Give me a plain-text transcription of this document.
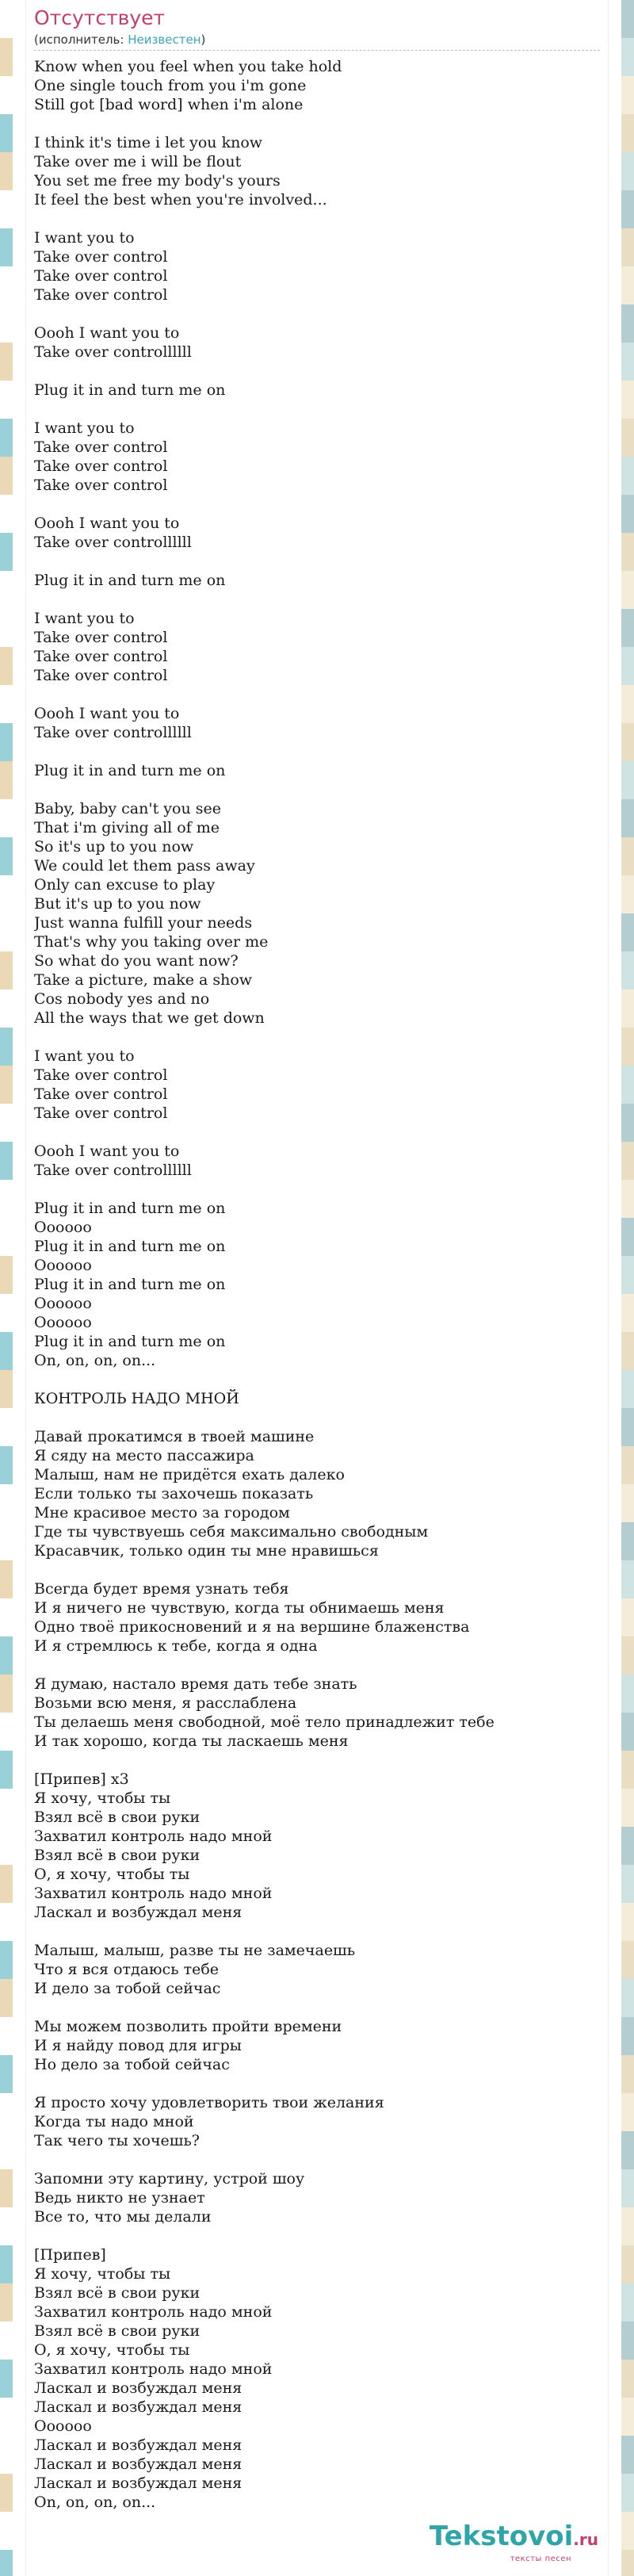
Отсутствует
(исполнитель: Неизвестен)
Know when you feel when you take hold
One single touch from you i'm gone
Still got [bad word] when i'm alone
I think it's time i let you know
Take over me i will be flout
You set me free my body's yours
It feel the best when you're involved...
I want you to
Take over control
Take over control
Take over control
Oooh I want you to
Take over controllllll
Plug it in and turn me on
I want you to
Take over control
Take over control
Take over control
Oooh I want you to
Take over controllllll
Plug it in and turn me on
I want you to
Take over control
Take over control
Take over control
Oooh I want you to
Take over controllllll
Plug it in and turn me on
Baby, baby can't you see
That i'm giving all of me
So it's up to you now
We could let them pass away
Only can excuse to play
But it's up to you now
Just wanna fulfill your needs
That's why you taking over me
So what do you want now?
Take a picture, make a show
Cos nobody yes and no
All the ways that we get down
I want you to
Take over control
Take over control
Take over control
Oooh I want you to
Take over controllllll
Plug it in and turn me on
Oooooo
Plug it in and turn me on
Oooooo
Plug it in and turn me on
Oooooo
Oooooo
Plug it in and turn me on
On, on, on, on...
КОНТРОЛЬ НАДО МНОЙ
Давай прокатимся в твоей машине
Я сяду на место пассажира
Малыш, нам не придётся ехать далеко
Если только ты захочешь показать
Мне красивое место за городом
Где ты чувствуешь себя максимально свободным
Красавчик, только один ты мне нравишься
Всегда будет время узнать тебя
И я ничего не чувствую, когда ты обнимаешь меня
Одно твоё прикосновений и я на вершине блаженства
И я стремлюсь к тебе, когда я одна
Я думаю, настало время дать тебе знать
Возьми всю меня, я расслаблена
Ты делаешь меня свободной, моё тело принадлежит тебе
И так хорошо, когда ты ласкаешь меня
[Припев] x3
Я хочу, чтобы ты
Взял всё в свои руки
Захватил контроль надо мной
Взял всё в свои руки
О, я хочу, чтобы ты
Захватил контроль надо мной
Ласкал и возбуждал меня
Малыш, малыш, разве ты не замечаешь
Что я вся отдаюсь тебе
И дело за тобой сейчас
Мы можем позволить пройти времени
И я найду повод для игры
Но дело за тобой сейчас
Я просто хочу удовлетворить твои желания
Когда ты надо мной
Так чего ты хочешь?
Запомни эту картину, устрой шоу
Ведь никто не узнает
Все то, что мы делали
[Припев]
Я хочу, чтобы ты
Взял всё в свои руки
Захватил контроль надо мной
Взял всё в свои руки
О, я хочу, чтобы ты
Захватил контроль надо мной
Ласкал и возбуждал меня
Ласкал и возбуждал меня
Оооооо
Ласкал и возбуждал меня
Ласкал и возбуждал меня
Ласкал и возбуждал меня
On, on, on, on...
Tekstovoi.ru
тексты песен
